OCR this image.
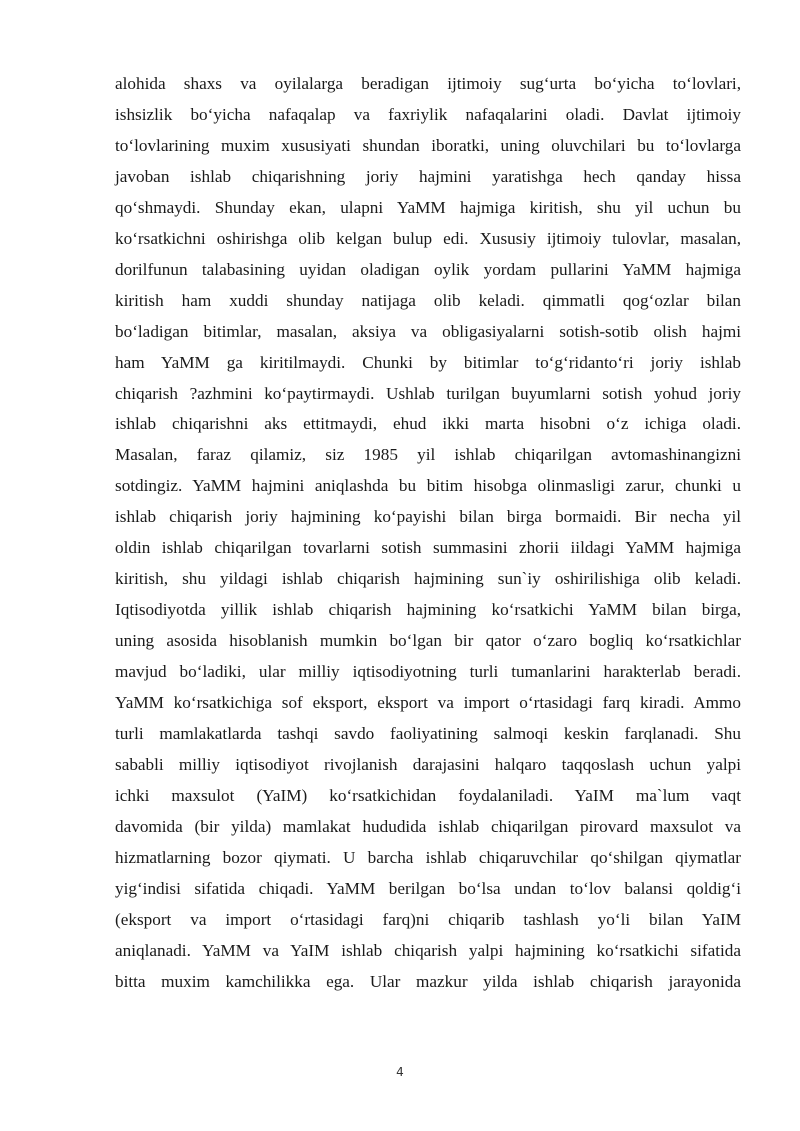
alohida shaxs va oyilalarga beradigan ijtimoiy sug‘urta bo‘yicha to‘lovlari,
ishsizlik bo‘yicha nafaqalap va faxriylik nafaqalarini oladi. Davlat ijtimoiy
to‘lovlarining muxim xususiyati shundan iboratki, uning oluvchilari bu to‘lovlarga
javoban ishlab chiqarishning joriy hajmini yaratishga hech qanday hissa
qo‘shmaydi. Shunday ekan, ulapni YaMM hajmiga kiritish, shu yil uchun bu
ko‘rsatkichni oshirishga olib kelgan bulup edi. Xususiy ijtimoiy tulovlar, masalan,
dorilfunun talabasining uyidan oladigan oylik yordam pullarini YaMM hajmiga
kiritish ham xuddi shunday natijaga olib keladi. qimmatli qog‘ozlar bilan
bo‘ladigan bitimlar, masalan, aksiya va obligasiyalarni sotish-sotib olish hajmi
ham YaMM ga kiritilmaydi. Chunki by bitimlar to‘g‘ridanto‘ri joriy ishlab
chiqarish ?azhmini ko‘paytirmaydi. Ushlab turilgan buyumlarni sotish yohud joriy
ishlab chiqarishni aks ettitmaydi, ehud ikki marta hisobni o‘z ichiga oladi.
Masalan, faraz qilamiz, siz 1985 yil ishlab chiqarilgan avtomashinangizni
sotdingiz. YaMM hajmini aniqlashda bu bitim hisobga olinmasligi zarur, chunki u
ishlab chiqarish joriy hajmining ko‘payishi bilan birga bormaidi. Bir necha yil
oldin ishlab chiqarilgan tovarlarni sotish summasini zhorii iildagi YaMM hajmiga
kiritish, shu yildagi ishlab chiqarish hajmining sun`iy oshirilishiga olib keladi.
Iqtisodiyotda yillik ishlab chiqarish hajmining ko‘rsatkichi YaMM bilan birga,
uning asosida hisoblanish mumkin bo‘lgan bir qator o‘zaro bogliq ko‘rsatkichlar
mavjud bo‘ladiki, ular milliy iqtisodiyotning turli tumanlarini harakterlab beradi.
YaMM ko‘rsatkichiga sof eksport, eksport va import o‘rtasidagi farq kiradi. Ammo
turli mamlakatlarda tashqi savdo faoliyatining salmoqi keskin farqlanadi. Shu
sababli milliy iqtisodiyot rivojlanish darajasini halqaro taqqoslash uchun yalpi
ichki maxsulot (YaIM) ko‘rsatkichidan foydalaniladi. YaIM ma`lum vaqt
davomida (bir yilda) mamlakat hududida ishlab chiqarilgan pirovard maxsulot va
hizmatlarning bozor qiymati. U barcha ishlab chiqaruvchilar qo‘shilgan qiymatlar
yig‘indisi sifatida chiqadi. YaMM berilgan bo‘lsa undan to‘lov balansi qoldig‘i
(eksport va import o‘rtasidagi farq)ni chiqarib tashlash yo‘li bilan YaIM
aniqlanadi. YaMM va YaIM ishlab chiqarish yalpi hajmining ko‘rsatkichi sifatida
bitta muxim kamchilikka ega. Ular mazkur yilda ishlab chiqarish jarayonida
4
